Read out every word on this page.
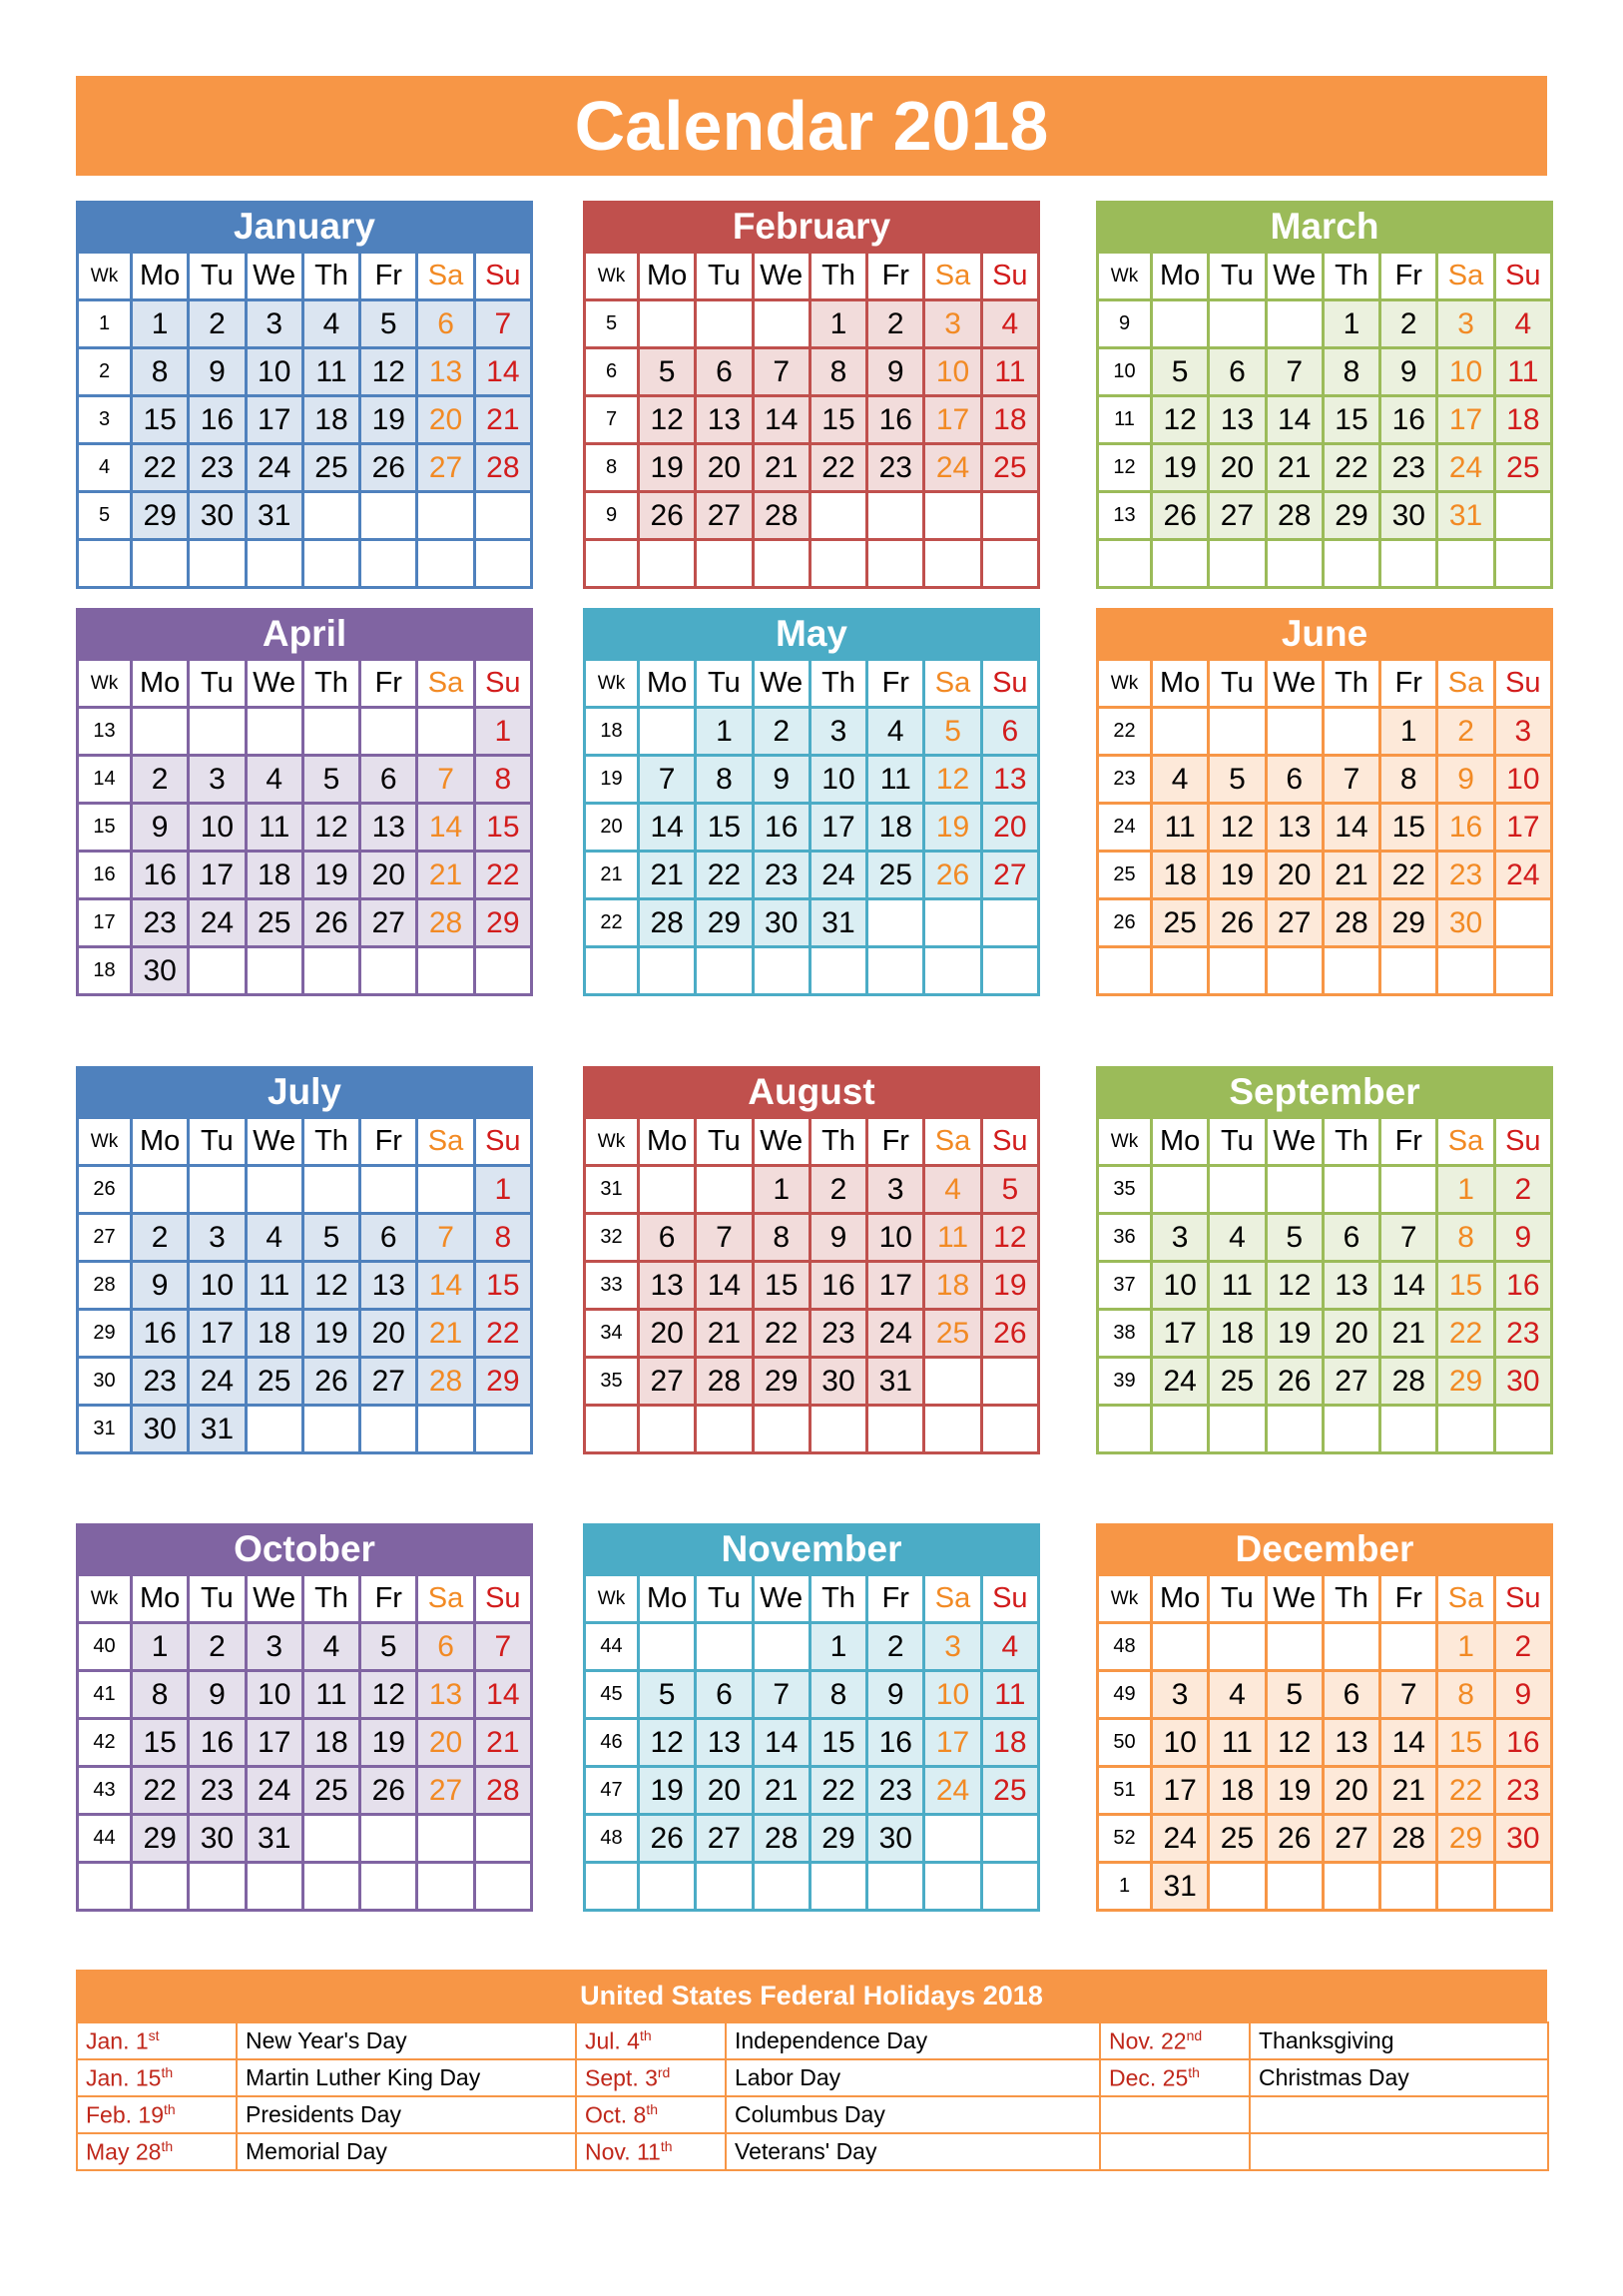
Calendar 2018
January
Wk	Mo	Tu	We	Th	Fr	Sa	Su
1	1	2	3	4	5	6	7
2	8	9	10	11	12	13	14
3	15	16	17	18	19	20	21
4	22	23	24	25	26	27	28
5	29	30	31				

February
Wk	Mo	Tu	We	Th	Fr	Sa	Su
5				1	2	3	4
6	5	6	7	8	9	10	11
7	12	13	14	15	16	17	18
8	19	20	21	22	23	24	25
9	26	27	28				

March
Wk	Mo	Tu	We	Th	Fr	Sa	Su
9				1	2	3	4
10	5	6	7	8	9	10	11
11	12	13	14	15	16	17	18
12	19	20	21	22	23	24	25
13	26	27	28	29	30	31	

April
Wk	Mo	Tu	We	Th	Fr	Sa	Su
13							1
14	2	3	4	5	6	7	8
15	9	10	11	12	13	14	15
16	16	17	18	19	20	21	22
17	23	24	25	26	27	28	29
18	30						
May
Wk	Mo	Tu	We	Th	Fr	Sa	Su
18		1	2	3	4	5	6
19	7	8	9	10	11	12	13
20	14	15	16	17	18	19	20
21	21	22	23	24	25	26	27
22	28	29	30	31			

June
Wk	Mo	Tu	We	Th	Fr	Sa	Su
22					1	2	3
23	4	5	6	7	8	9	10
24	11	12	13	14	15	16	17
25	18	19	20	21	22	23	24
26	25	26	27	28	29	30	

July
Wk	Mo	Tu	We	Th	Fr	Sa	Su
26							1
27	2	3	4	5	6	7	8
28	9	10	11	12	13	14	15
29	16	17	18	19	20	21	22
30	23	24	25	26	27	28	29
31	30	31					
August
Wk	Mo	Tu	We	Th	Fr	Sa	Su
31			1	2	3	4	5
32	6	7	8	9	10	11	12
33	13	14	15	16	17	18	19
34	20	21	22	23	24	25	26
35	27	28	29	30	31		

September
Wk	Mo	Tu	We	Th	Fr	Sa	Su
35						1	2
36	3	4	5	6	7	8	9
37	10	11	12	13	14	15	16
38	17	18	19	20	21	22	23
39	24	25	26	27	28	29	30

October
Wk	Mo	Tu	We	Th	Fr	Sa	Su
40	1	2	3	4	5	6	7
41	8	9	10	11	12	13	14
42	15	16	17	18	19	20	21
43	22	23	24	25	26	27	28
44	29	30	31				

November
Wk	Mo	Tu	We	Th	Fr	Sa	Su
44				1	2	3	4
45	5	6	7	8	9	10	11
46	12	13	14	15	16	17	18
47	19	20	21	22	23	24	25
48	26	27	28	29	30		

December
Wk	Mo	Tu	We	Th	Fr	Sa	Su
48						1	2
49	3	4	5	6	7	8	9
50	10	11	12	13	14	15	16
51	17	18	19	20	21	22	23
52	24	25	26	27	28	29	30
1	31						
United States Federal Holidays 2018
Jan. 1st	New Year's Day	Jul. 4th	Independence Day	Nov. 22nd	Thanksgiving
Jan. 15th	Martin Luther King Day	Sept. 3rd	Labor Day	Dec. 25th	Christmas Day
Feb. 19th	Presidents Day	Oct. 8th	Columbus Day		
May 28th	Memorial Day	Nov. 11th	Veterans' Day		
